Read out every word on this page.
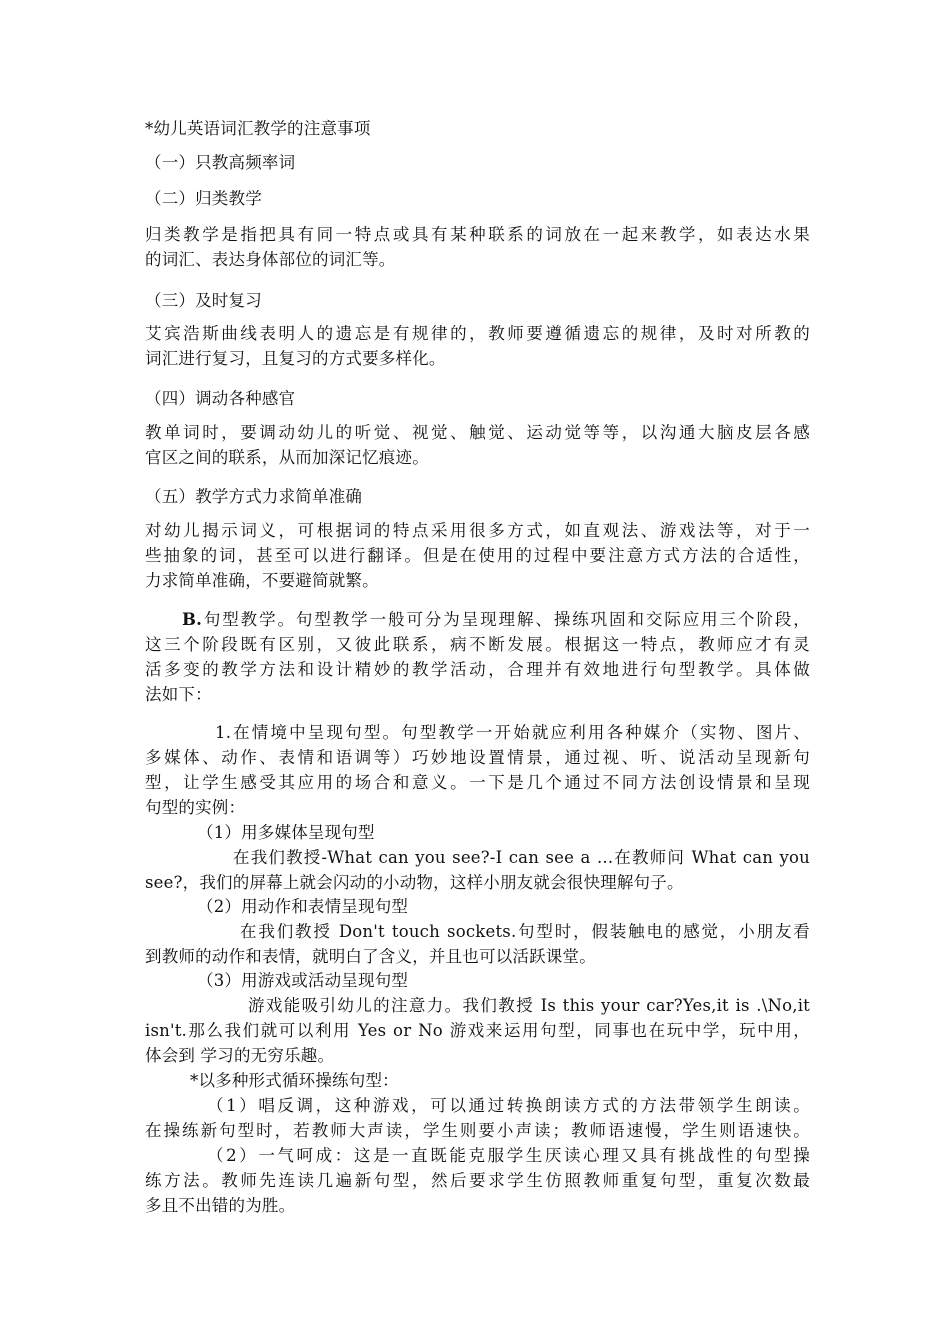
*幼儿英语词汇教学的注意事项
（一）只教高频率词
（二）归类教学
归类教学是指把具有同一特点或具有某种联系的词放在一起来教学，如表达水果
的词汇、表达身体部位的词汇等。
（三）及时复习
艾宾浩斯曲线表明人的遗忘是有规律的，教师要遵循遗忘的规律，及时对所教的
词汇进行复习，且复习的方式要多样化。
（四）调动各种感官
教单词时，要调动幼儿的听觉、视觉、触觉、运动觉等等，以沟通大脑皮层各感
官区之间的联系，从而加深记忆痕迹。
（五）教学方式力求简单准确
对幼儿揭示词义，可根据词的特点采用很多方式，如直观法、游戏法等，对于一
些抽象的词，甚至可以进行翻译。但是在使用的过程中要注意方式方法的合适性，
力求简单准确，不要避简就繁。
B.句型教学。句型教学一般可分为呈现理解、操练巩固和交际应用三个阶段，
这三个阶段既有区别，又彼此联系，病不断发展。根据这一特点，教师应才有灵
活多变的教学方法和设计精妙的教学活动，合理并有效地进行句型教学。具体做
法如下：
1.在情境中呈现句型。句型教学一开始就应利用各种媒介（实物、图片、
多媒体、动作、表情和语调等）巧妙地设置情景，通过视、听、说活动呈现新句
型，让学生感受其应用的场合和意义。一下是几个通过不同方法创设情景和呈现
句型的实例：
（1）用多媒体呈现句型
在我们教授-What can you see?-I can see a ...在教师问 What can you
see?，我们的屏幕上就会闪动的小动物，这样小朋友就会很快理解句子。
（2）用动作和表情呈现句型
在我们教授 Don't touch sockets.句型时，假装触电的感觉，小朋友看
到教师的动作和表情，就明白了含义，并且也可以活跃课堂。
（3）用游戏或活动呈现句型
游戏能吸引幼儿的注意力。我们教授 Is this your car?Yes,it is .\No,it
isn't.那么我们就可以利用 Yes or No 游戏来运用句型，同事也在玩中学，玩中用，
体会到 学习的无穷乐趣。
*以多种形式循环操练句型：
（1）唱反调，这种游戏，可以通过转换朗读方式的方法带领学生朗读。
在操练新句型时，若教师大声读，学生则要小声读；教师语速慢，学生则语速快。
（2）一气呵成：这是一直既能克服学生厌读心理又具有挑战性的句型操
练方法。教师先连读几遍新句型，然后要求学生仿照教师重复句型，重复次数最
多且不出错的为胜。
